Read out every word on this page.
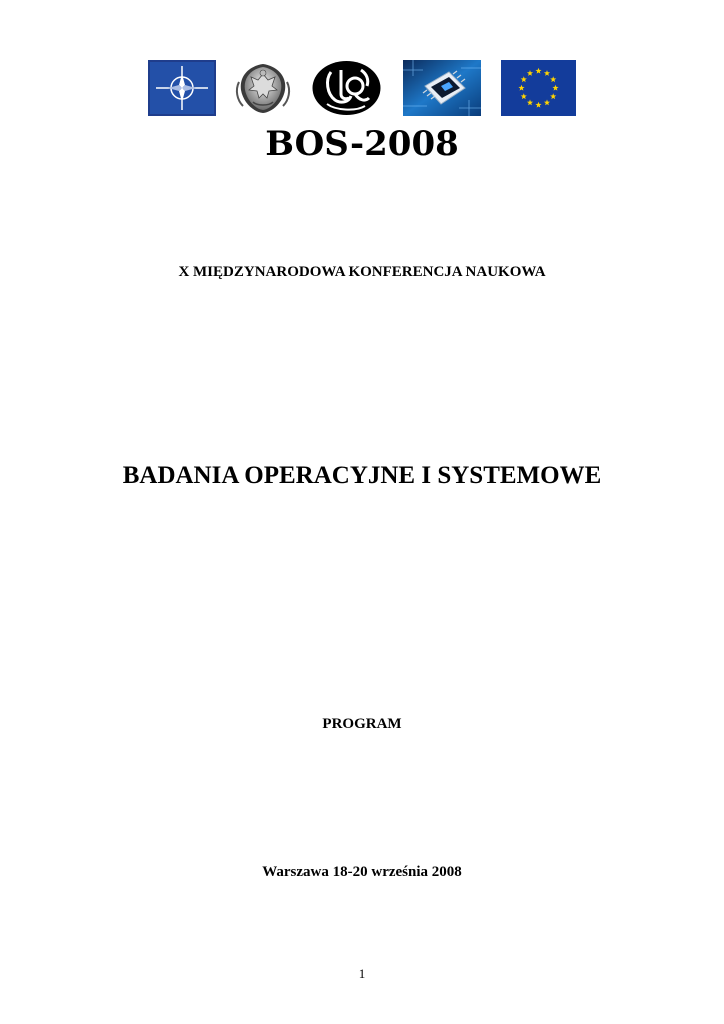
BOS-2008
X MIĘDZYNARODOWA KONFERENCJA NAUKOWA
BADANIA OPERACYJNE I SYSTEMOWE
PROGRAM
Warszawa 18-20 września 2008
1
